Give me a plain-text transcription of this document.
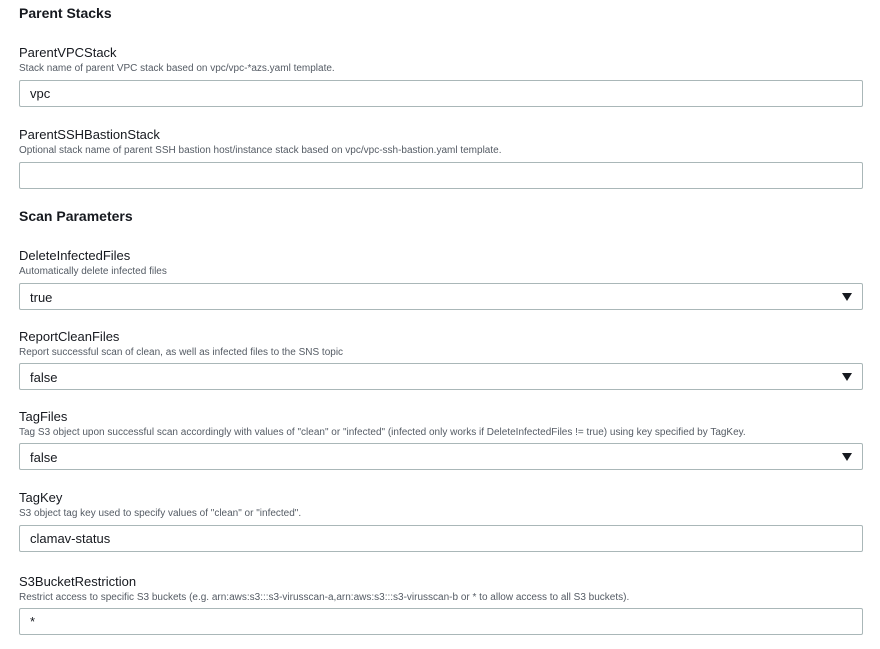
Parent Stacks
ParentVPCStack
Stack name of parent VPC stack based on vpc/vpc-*azs.yaml template.
vpc
ParentSSHBastionStack
Optional stack name of parent SSH bastion host/instance stack based on vpc/vpc-ssh-bastion.yaml template.
Scan Parameters
DeleteInfectedFiles
Automatically delete infected files
true
ReportCleanFiles
Report successful scan of clean, as well as infected files to the SNS topic
false
TagFiles
Tag S3 object upon successful scan accordingly with values of "clean" or "infected" (infected only works if DeleteInfectedFiles != true) using key specified by TagKey.
false
TagKey
S3 object tag key used to specify values of "clean" or "infected".
clamav-status
S3BucketRestriction
Restrict access to specific S3 buckets (e.g. arn:aws:s3:::s3-virusscan-a,arn:aws:s3:::s3-virusscan-b or * to allow access to all S3 buckets).
*
